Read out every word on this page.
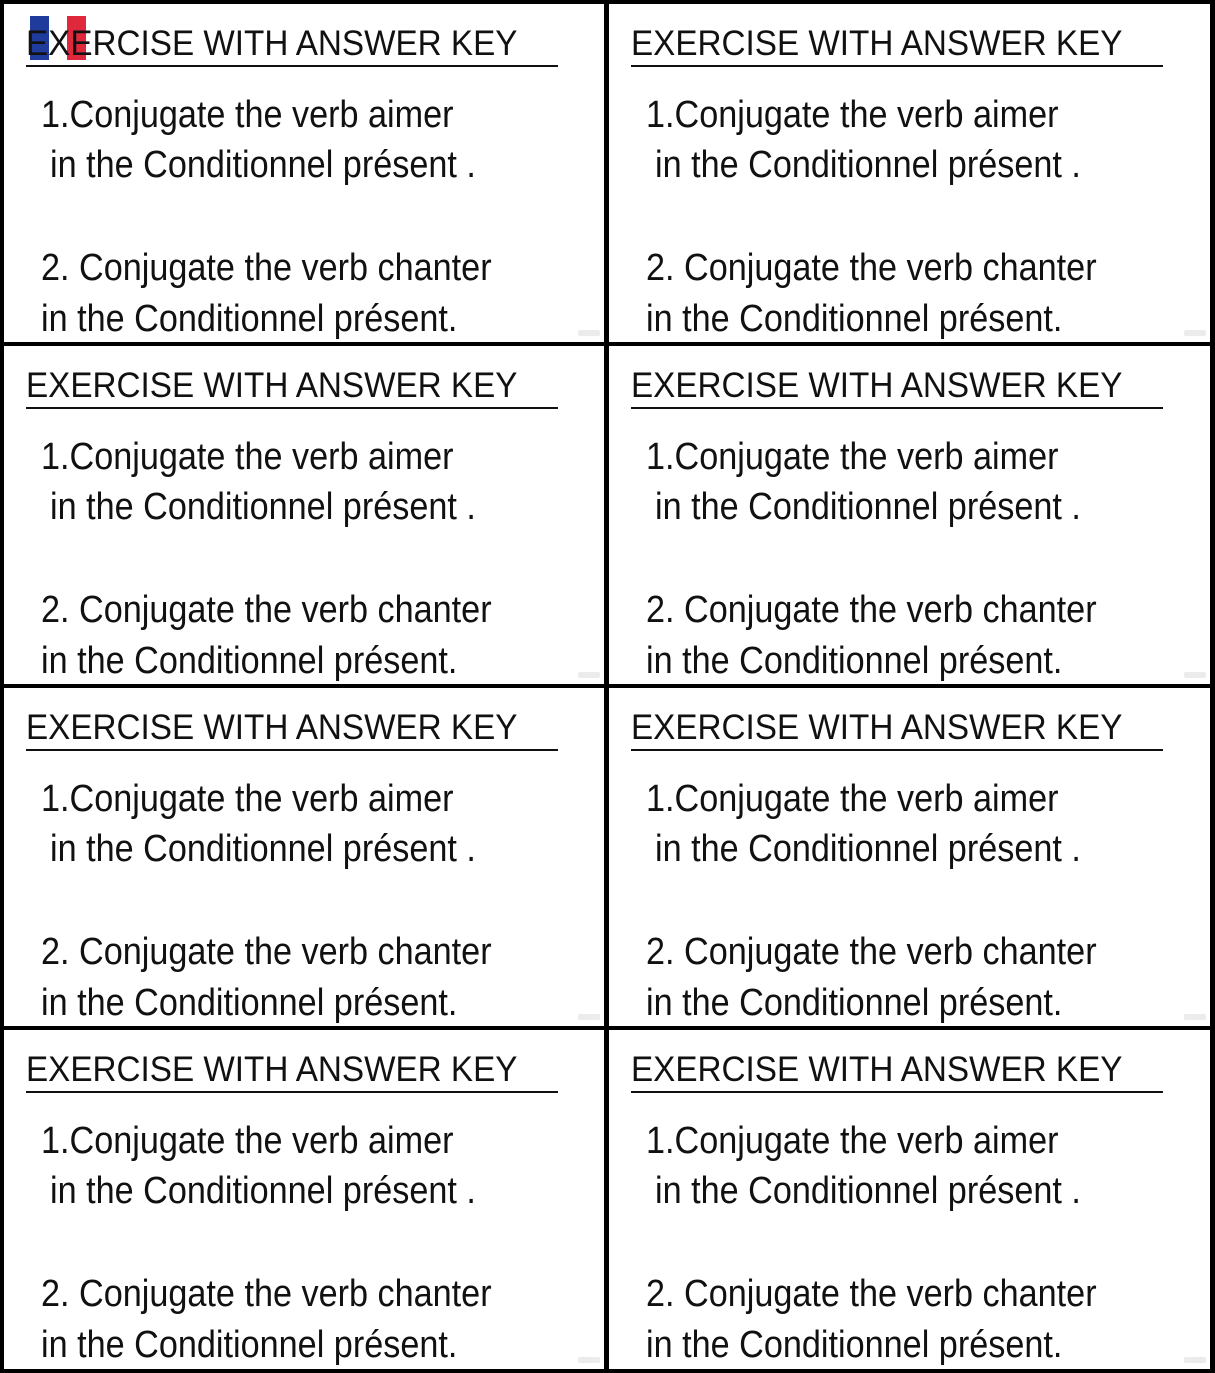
EXERCISE WITH ANSWER KEY
1.Conjugate the verb aimer
in the Conditionnel présent .
2. Conjugate the verb chanter
in the Conditionnel présent.
EXERCISE WITH ANSWER KEY
1.Conjugate the verb aimer
in the Conditionnel présent .
2. Conjugate the verb chanter
in the Conditionnel présent.
EXERCISE WITH ANSWER KEY
1.Conjugate the verb aimer
in the Conditionnel présent .
2. Conjugate the verb chanter
in the Conditionnel présent.
EXERCISE WITH ANSWER KEY
1.Conjugate the verb aimer
in the Conditionnel présent .
2. Conjugate the verb chanter
in the Conditionnel présent.
EXERCISE WITH ANSWER KEY
1.Conjugate the verb aimer
in the Conditionnel présent .
2. Conjugate the verb chanter
in the Conditionnel présent.
EXERCISE WITH ANSWER KEY
1.Conjugate the verb aimer
in the Conditionnel présent .
2. Conjugate the verb chanter
in the Conditionnel présent.
EXERCISE WITH ANSWER KEY
1.Conjugate the verb aimer
in the Conditionnel présent .
2. Conjugate the verb chanter
in the Conditionnel présent.
EXERCISE WITH ANSWER KEY
1.Conjugate the verb aimer
in the Conditionnel présent .
2. Conjugate the verb chanter
in the Conditionnel présent.
